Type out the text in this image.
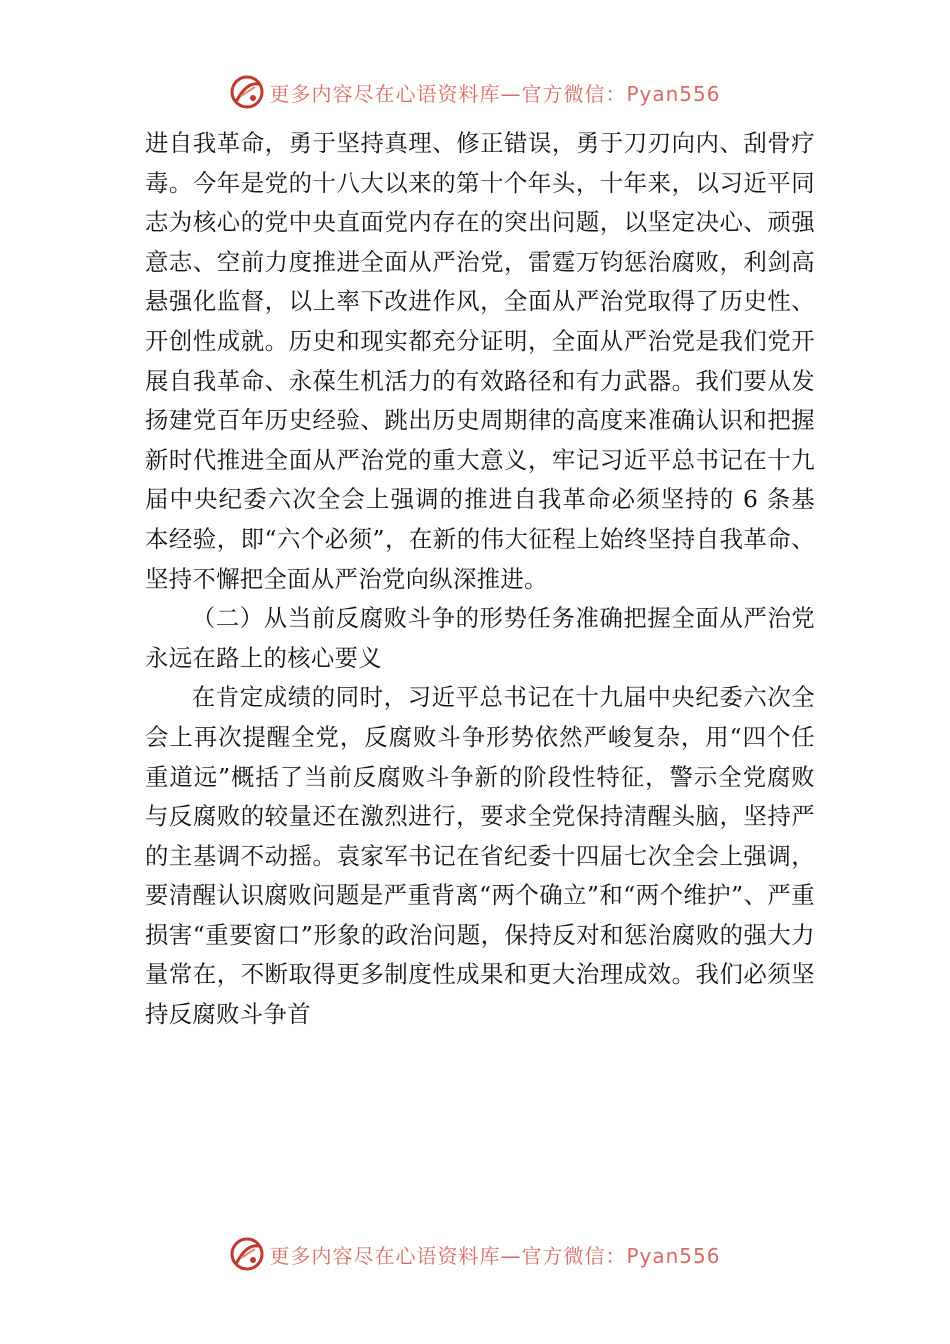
更多内容尽在心语资料库—官方微信：Pyan556

进自我革命，勇于坚持真理、修正错误，勇于刀刃向内、刮骨疗毒。今年是党的十八大以来的第十个年头，十年来，以习近平同志为核心的党中央直面党内存在的突出问题，以坚定决心、顽强意志、空前力度推进全面从严治党，雷霆万钧惩治腐败，利剑高悬强化监督，以上率下改进作风，全面从严治党取得了历史性、开创性成就。历史和现实都充分证明，全面从严治党是我们党开展自我革命、永葆生机活力的有效路径和有力武器。我们要从发扬建党百年历史经验、跳出历史周期律的高度来准确认识和把握新时代推进全面从严治党的重大意义，牢记习近平总书记在十九届中央纪委六次全会上强调的推进自我革命必须坚持的 6 条基本经验，即“六个必须”，在新的伟大征程上始终坚持自我革命、坚持不懈把全面从严治党向纵深推进。

（二）从当前反腐败斗争的形势任务准确把握全面从严治党永远在路上的核心要义

在肯定成绩的同时，习近平总书记在十九届中央纪委六次全会上再次提醒全党，反腐败斗争形势依然严峻复杂，用“四个任重道远”概括了当前反腐败斗争新的阶段性特征，警示全党腐败与反腐败的较量还在激烈进行，要求全党保持清醒头脑，坚持严的主基调不动摇。袁家军书记在省纪委十四届七次全会上强调，要清醒认识腐败问题是严重背离“两个确立”和“两个维护”、严重损害“重要窗口”形象的政治问题，保持反对和惩治腐败的强大力量常在，不断取得更多制度性成果和更大治理成效。我们必须坚持反腐败斗争首

更多内容尽在心语资料库—官方微信：Pyan556
